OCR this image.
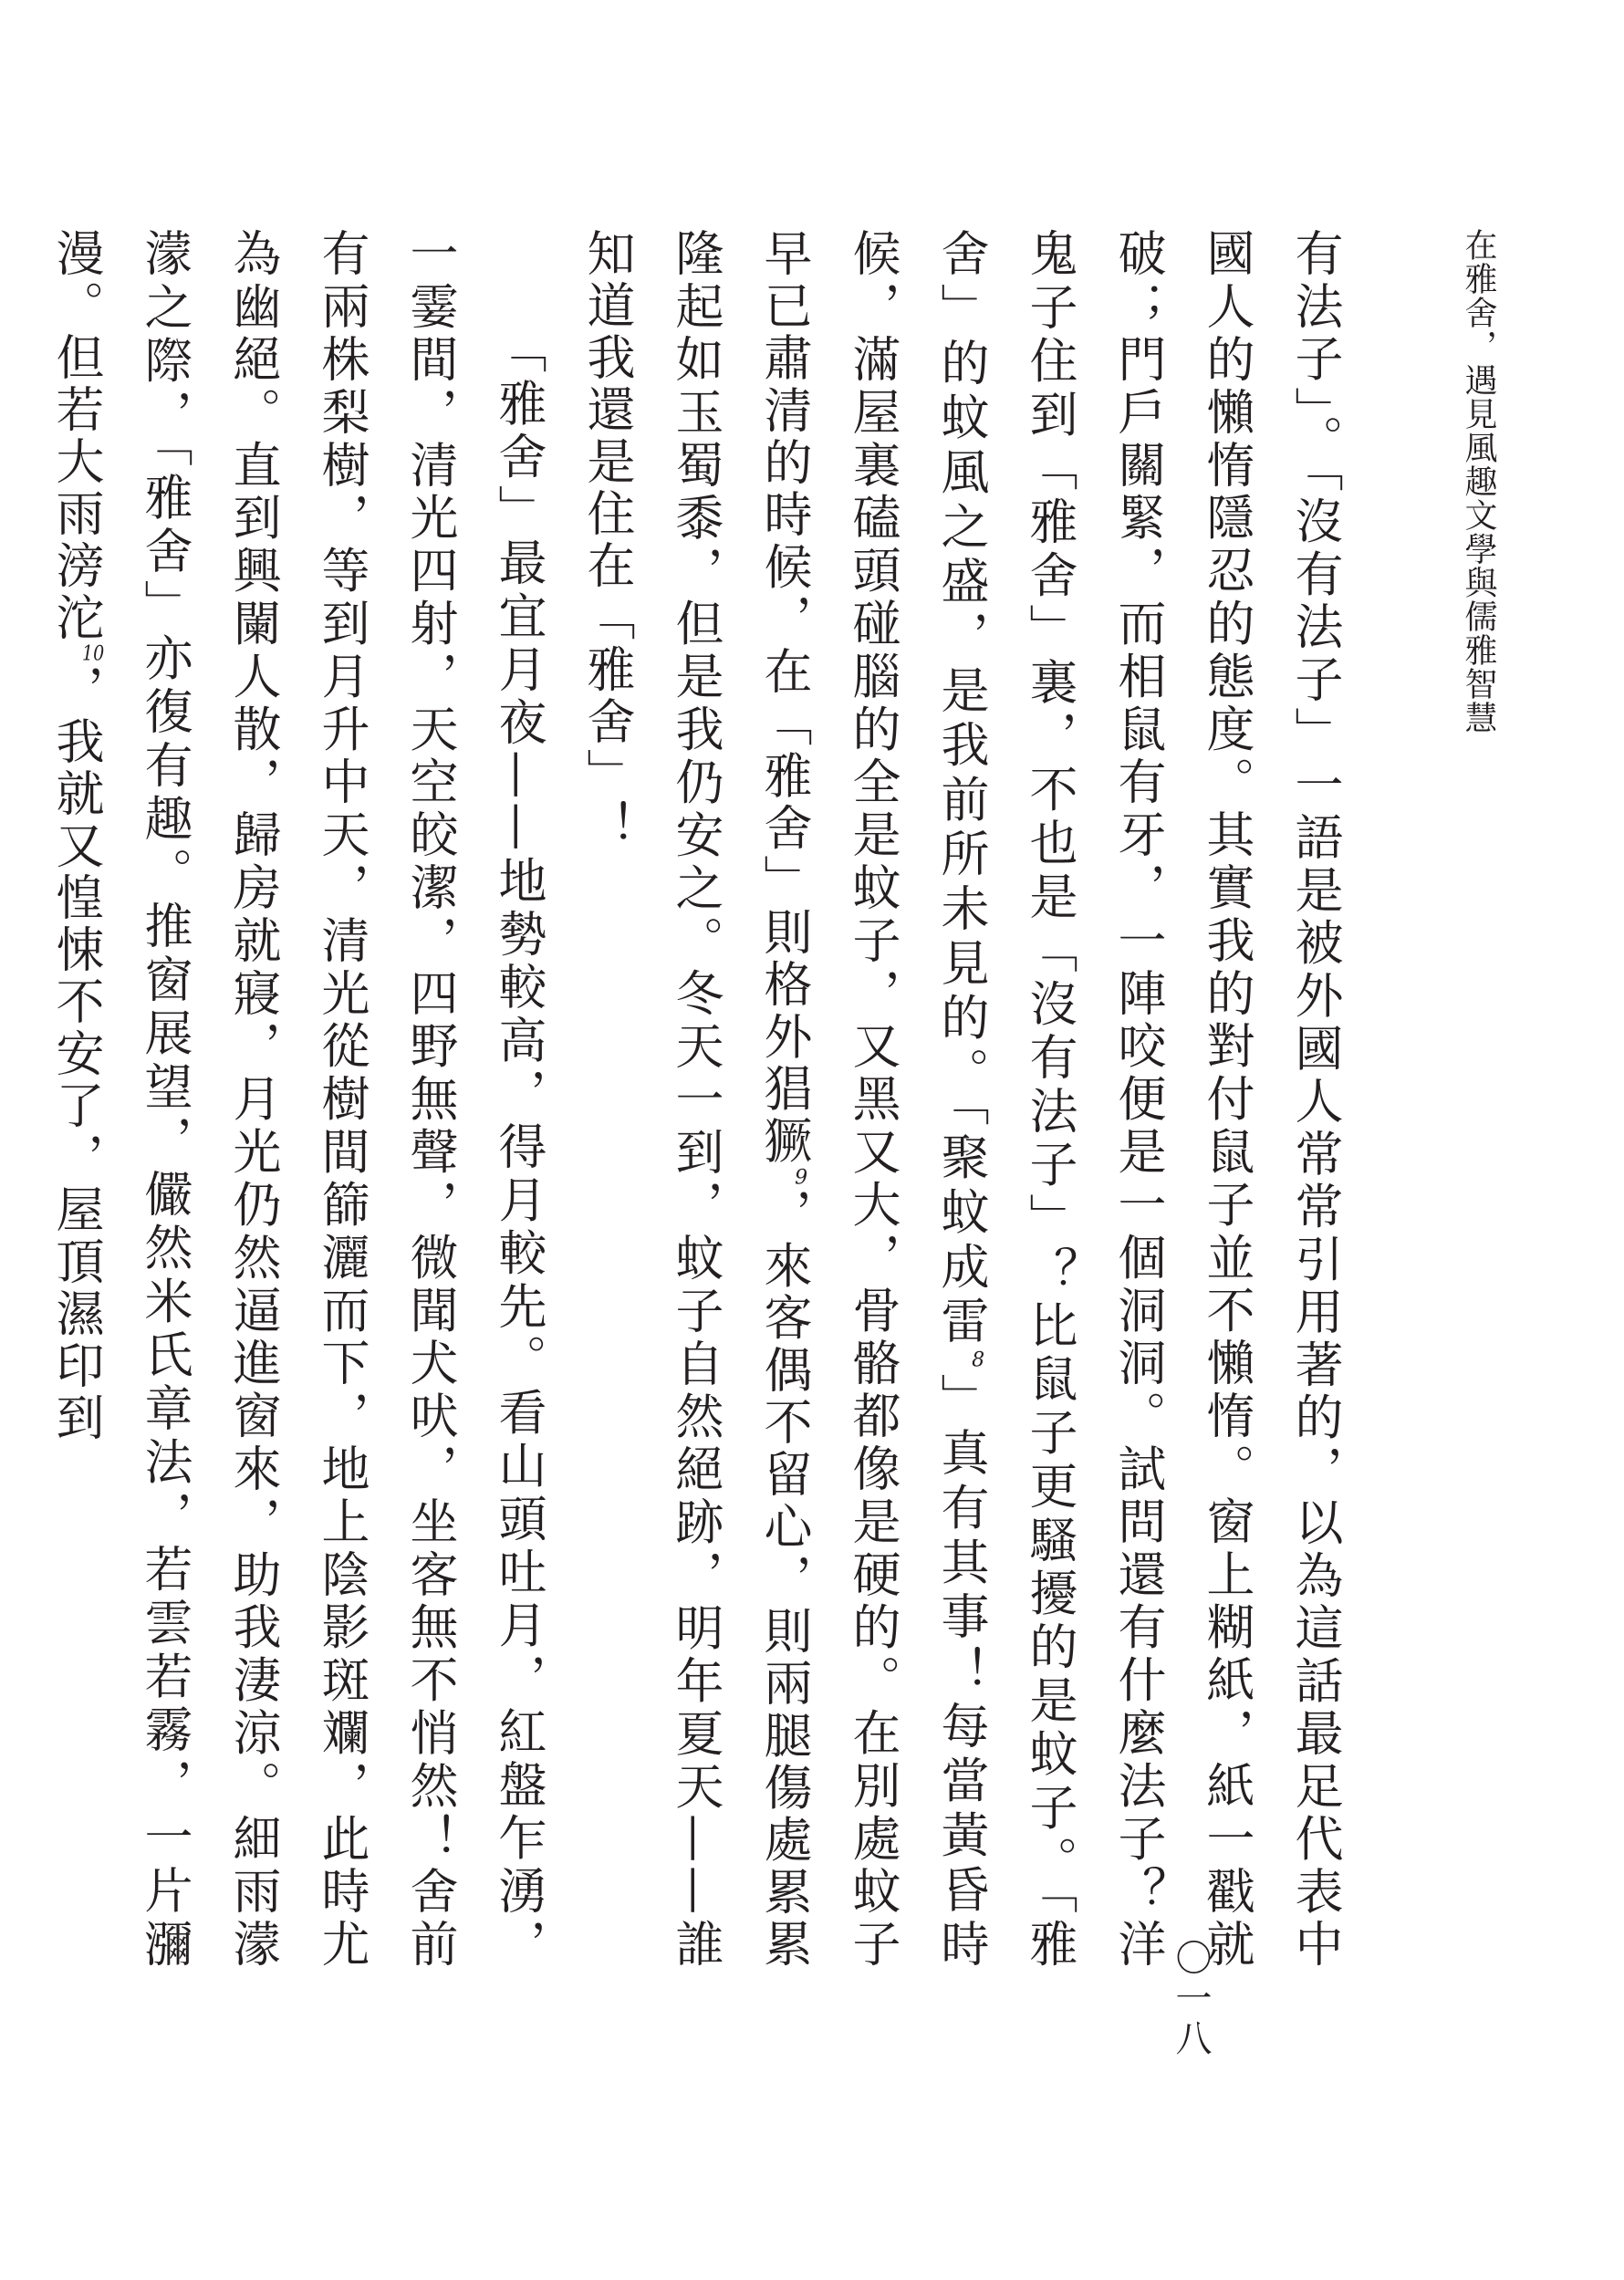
在雅舍，遇見風趣文學與儒雅智慧
〇一八

有法子」。「沒有法子」一語是被外國人常常引用著的，以為這話最足代表中國人的懶惰隱忍的態度。其實我的對付鼠子並不懶惰。窗上糊紙，紙一戳就破；門戶關緊，而相鼠有牙，一陣咬便是一個洞洞。試問還有什麼法子？洋鬼子住到「雅舍」裏，不也是「沒有法子」？比鼠子更騷擾的是蚊子。「雅舍」的蚊風之盛，是我前所未見的。「聚蚊成雷$^8$」真有其事！每當黃昏時候，滿屋裏磕頭碰腦的全是蚊子，又黑又大，骨骼都像是硬的。在別處蚊子早已肅清的時候，在「雅舍」則格外猖獗$^9$，來客偶不留心，則兩腿傷處累累隆起如玉蜀黍，但是我仍安之。冬天一到，蚊子自然絕跡，明年夏天——誰知道我還是住在「雅舍」！

「雅舍」最宜月夜——地勢較高，得月較先。看山頭吐月，紅盤乍湧，一霎間，清光四射，天空皎潔，四野無聲，微聞犬吠，坐客無不悄然！舍前有兩株梨樹，等到月升中天，清光從樹間篩灑而下，地上陰影斑斕，此時尤為幽絕。直到興闌人散，歸房就寢，月光仍然逼進窗來，助我淒涼。細雨濛濛之際，「雅舍」亦復有趣。推窗展望，儼然米氏章法，若雲若霧，一片瀰漫。但若大雨滂沱$^{10}$，我就又惶悚不安了，屋頂濕印到
